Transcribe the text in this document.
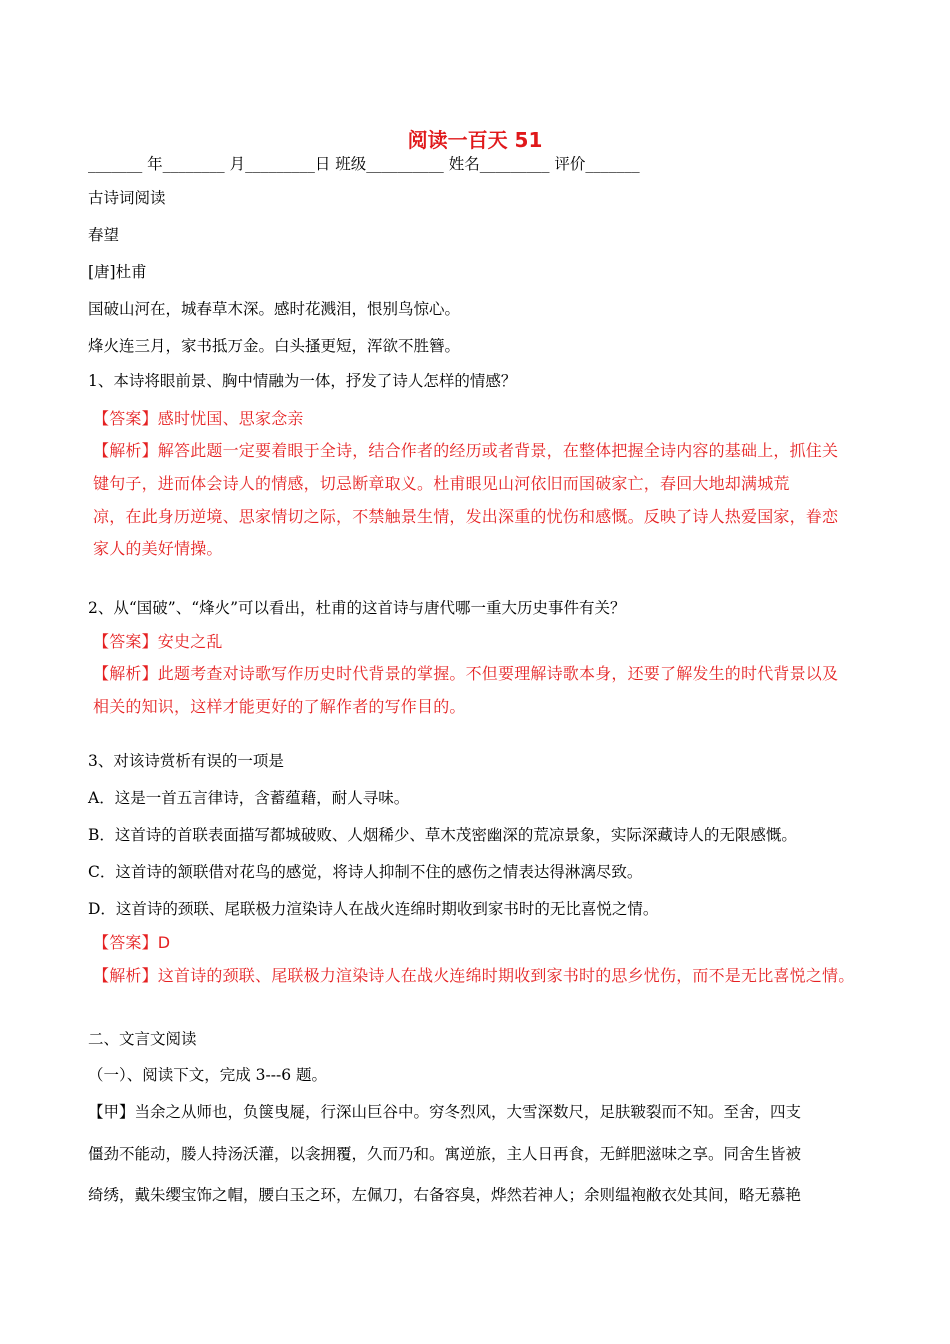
阅读一百天 51
_______ 年________ 月_________日 班级__________ 姓名_________ 评价_______
古诗词阅读
春望
[唐]杜甫
国破山河在，城春草木深。感时花溅泪，恨别鸟惊心。
烽火连三月，家书抵万金。白头搔更短，浑欲不胜簪。
1、本诗将眼前景、胸中情融为一体，抒发了诗人怎样的情感？
【答案】感时忧国、思家念亲
【解析】解答此题一定要着眼于全诗，结合作者的经历或者背景，在整体把握全诗内容的基础上，抓住关
键句子，进而体会诗人的情感，切忌断章取义。杜甫眼见山河依旧而国破家亡，春回大地却满城荒
凉，在此身历逆境、思家情切之际，不禁触景生情，发出深重的忧伤和感慨。反映了诗人热爱国家，眷恋
家人的美好情操。
2、从“国破”、“烽火”可以看出，杜甫的这首诗与唐代哪一重大历史事件有关？
【答案】安史之乱
【解析】此题考查对诗歌写作历史时代背景的掌握。不但要理解诗歌本身，还要了解发生的时代背景以及
相关的知识，这样才能更好的了解作者的写作目的。
3、对该诗赏析有误的一项是
A．这是一首五言律诗，含蓄蕴藉，耐人寻味。
B．这首诗的首联表面描写都城破败、人烟稀少、草木茂密幽深的荒凉景象，实际深藏诗人的无限感慨。
C．这首诗的颔联借对花鸟的感觉，将诗人抑制不住的感伤之情表达得淋漓尽致。
D．这首诗的颈联、尾联极力渲染诗人在战火连绵时期收到家书时的无比喜悦之情。
【答案】D
【解析】这首诗的颈联、尾联极力渲染诗人在战火连绵时期收到家书时的思乡忧伤，而不是无比喜悦之情。
二、文言文阅读
（一）、阅读下文，完成 3---6 题。
【甲】当余之从师也，负箧曳屣，行深山巨谷中。穷冬烈风，大雪深数尺，足肤皲裂而不知。至舍，四支
僵劲不能动，媵人持汤沃灌，以衾拥覆，久而乃和。寓逆旅，主人日再食，无鲜肥滋味之享。同舍生皆被
绮绣，戴朱缨宝饰之帽，腰白玉之环，左佩刀，右备容臭，烨然若神人；余则缊袍敝衣处其间，略无慕艳
